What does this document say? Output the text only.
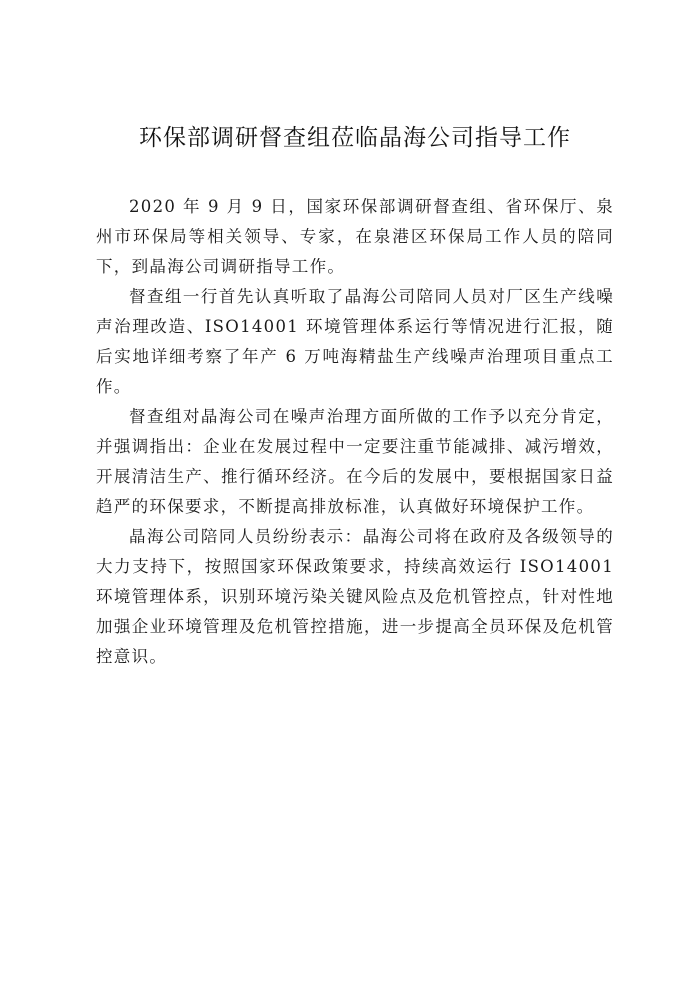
环保部调研督查组莅临晶海公司指导工作

2020 年 9 月 9 日，国家环保部调研督查组、省环保厅、泉州市环保局等相关领导、专家，在泉港区环保局工作人员的陪同下，到晶海公司调研指导工作。

督查组一行首先认真听取了晶海公司陪同人员对厂区生产线噪声治理改造、ISO14001 环境管理体系运行等情况进行汇报，随后实地详细考察了年产 6 万吨海精盐生产线噪声治理项目重点工作。

督查组对晶海公司在噪声治理方面所做的工作予以充分肯定，并强调指出：企业在发展过程中一定要注重节能减排、减污增效，开展清洁生产、推行循环经济。在今后的发展中，要根据国家日益趋严的环保要求，不断提高排放标准，认真做好环境保护工作。

晶海公司陪同人员纷纷表示：晶海公司将在政府及各级领导的大力支持下，按照国家环保政策要求，持续高效运行 ISO14001 环境管理体系，识别环境污染关键风险点及危机管控点，针对性地加强企业环境管理及危机管控措施，进一步提高全员环保及危机管控意识。
